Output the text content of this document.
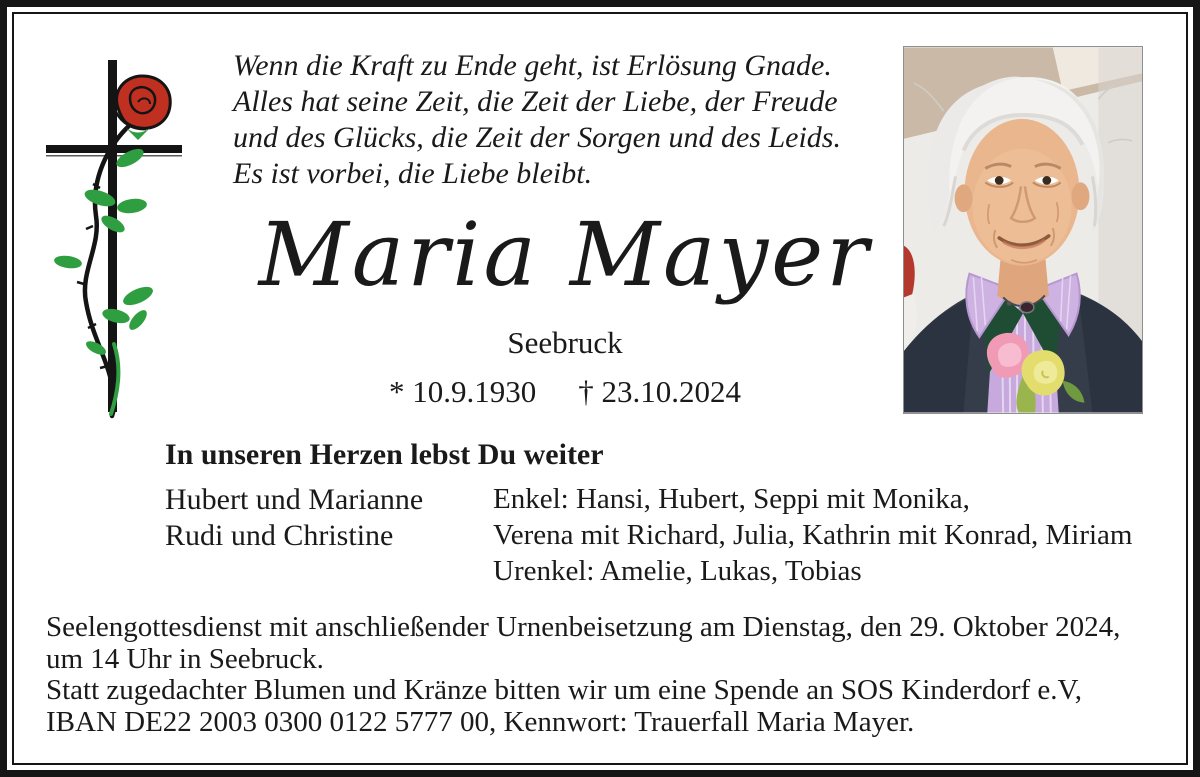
Wenn die Kraft zu Ende geht, ist Erlösung Gnade.
Alles hat seine Zeit, die Zeit der Liebe, der Freude
und des Glücks, die Zeit der Sorgen und des Leids.
Es ist vorbei, die Liebe bleibt.
Maria Mayer
Seebruck
* 10.9.1930 † 23.10.2024
In unseren Herzen lebst Du weiter
Hubert und Marianne
Rudi und Christine
Enkel: Hansi, Hubert, Seppi mit Monika,
Verena mit Richard, Julia, Kathrin mit Konrad, Miriam
Urenkel: Amelie, Lukas, Tobias
Seelengottesdienst mit anschließender Urnenbeisetzung am Dienstag, den 29. Oktober 2024,
um 14 Uhr in Seebruck.
Statt zugedachter Blumen und Kränze bitten wir um eine Spende an SOS Kinderdorf e.V,
IBAN DE22 2003 0300 0122 5777 00, Kennwort: Trauerfall Maria Mayer.
